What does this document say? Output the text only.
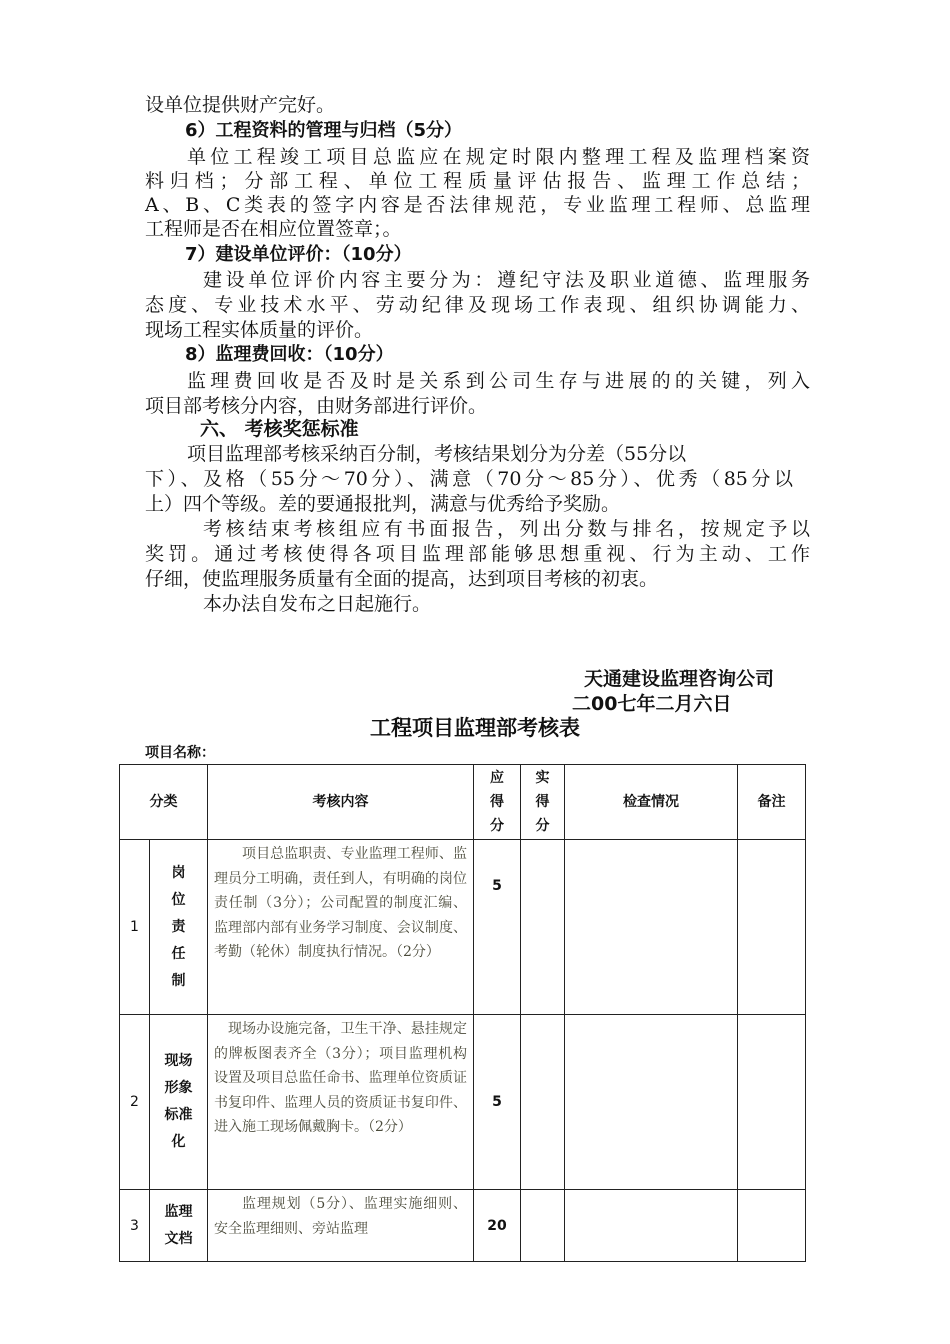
设单位提供财产完好。
6）工程资料的管理与归档（5分）
单位工程竣工项目总监应在规定时限内整理工程及监理档案资
料归档；分部工程、单位工程质量评估报告、监理工作总结；
A、B、C类表的签字内容是否法律规范，专业监理工程师、总监理
工程师是否在相应位置签章；。
7）建设单位评价：（10分）
建设单位评价内容主要分为：遵纪守法及职业道德、监理服务
态度、专业技术水平、劳动纪律及现场工作表现、组织协调能力、
现场工程实体质量的评价。
8）监理费回收：（10分）
监理费回收是否及时是关系到公司生存与进展的的关键，列入
项目部考核分内容，由财务部进行评价。
六、 考核奖惩标准
项目监理部考核采纳百分制，考核结果划分为分差（55分以
下）、及格（55分～70分）、满意（70分～85分）、优秀（85分以
上）四个等级。差的要通报批判，满意与优秀给予奖励。
考核结束考核组应有书面报告，列出分数与排名，按规定予以
奖罚。通过考核使得各项目监理部能够思想重视、行为主动、工作
仔细，使监理服务质量有全面的提高，达到项目考核的初衷。
本办法自发布之日起施行。
天通建设监理咨询公司
二00七年二月六日
工程项目监理部考核表
项目名称：
分类		考核内容	应得分	实得分	检查情况	备注
1	岗位责任制	项目总监职责、专业监理工程师、监理员分工明确，责任到人，有明确的岗位责任制（3分）；公司配置的制度汇编、监理部内部有业务学习制度、会议制度、考勤（轮休）制度执行情况。（2分）	5			
2	现场形象标准化	现场办设施完备，卫生干净、悬挂规定的牌板图表齐全（3分）；项目监理机构设置及项目总监任命书、监理单位资质证书复印件、监理人员的资质证书复印件、进入施工现场佩戴胸卡。（2分）	5			
3	监理文档	监理规划（5分）、监理实施细则、安全监理细则、旁站监理	20			
